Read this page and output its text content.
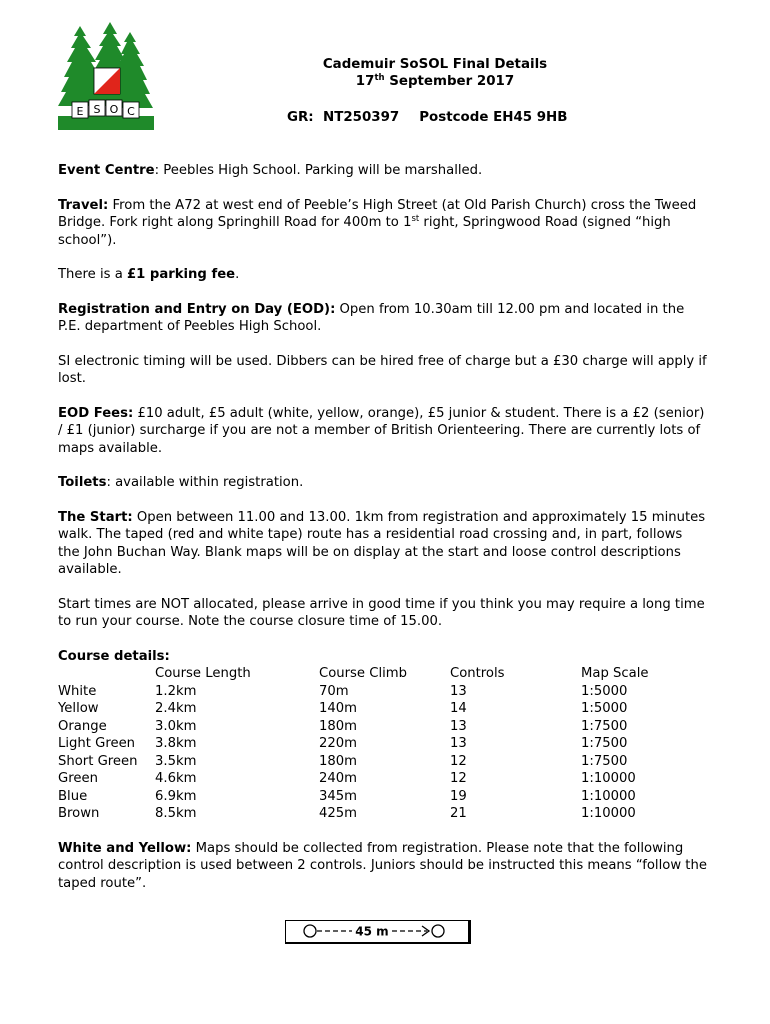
E S O C
Cademuir SoSOL Final Details
17th September 2017
GR:  NT250397 Postcode EH45 9HB

Event Centre: Peebles High School. Parking will be marshalled.

Travel: From the A72 at west end of Peeble’s High Street (at Old Parish Church) cross the Tweed Bridge. Fork right along Springhill Road for 400m to 1st right, Springwood Road (signed “high school”).

There is a £1 parking fee.

Registration and Entry on Day (EOD): Open from 10.30am till 12.00 pm and located in the P.E. department of Peebles High School.

SI electronic timing will be used. Dibbers can be hired free of charge but a £30 charge will apply if lost.

EOD Fees: £10 adult, £5 adult (white, yellow, orange), £5 junior & student. There is a £2 (senior) / £1 (junior) surcharge if you are not a member of British Orienteering. There are currently lots of maps available.

Toilets: available within registration.

The Start: Open between 11.00 and 13.00. 1km from registration and approximately 15 minutes walk. The taped (red and white tape) route has a residential road crossing and, in part, follows the John Buchan Way. Blank maps will be on display at the start and loose control descriptions available.

Start times are NOT allocated, please arrive in good time if you think you may require a long time to run your course. Note the course closure time of 15.00.

Course details:
	Course Length	Course Climb	Controls	Map Scale
White	1.2km	70m	13	1:5000
Yellow	2.4km	140m	14	1:5000
Orange	3.0km	180m	13	1:7500
Light Green	3.8km	220m	13	1:7500
Short Green	3.5km	180m	12	1:7500
Green	4.6km	240m	12	1:10000
Blue	6.9km	345m	19	1:10000
Brown	8.5km	425m	21	1:10000

White and Yellow: Maps should be collected from registration. Please note that the following control description is used between 2 controls. Juniors should be instructed this means “follow the taped route”.

45 m
